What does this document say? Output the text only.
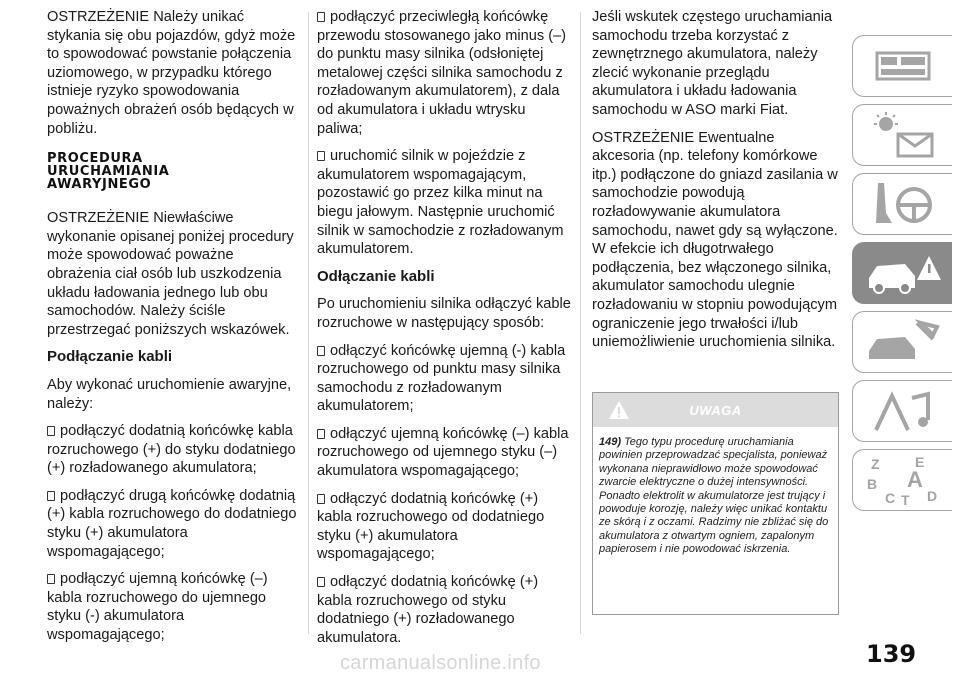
OSTRZEŻENIE Należy unikać stykania się obu pojazdów, gdyż może to spowodować powstanie połączenia uziomowego, w przypadku którego istnieje ryzyko spowodowania poważnych obrażeń osób będących w pobliżu.

PROCEDURA
URUCHAMIANIA
AWARYJNEGO

OSTRZEŻENIE Niewłaściwe wykonanie opisanej poniżej procedury może spowodować poważne obrażenia ciał osób lub uszkodzenia układu ładowania jednego lub obu samochodów. Należy ściśle przestrzegać poniższych wskazówek.

Podłączanie kabli

Aby wykonać uruchomienie awaryjne, należy:

podłączyć dodatnią końcówkę kabla rozruchowego (+) do styku dodatniego (+) rozładowanego akumulatora;

podłączyć drugą końcówkę dodatnią (+) kabla rozruchowego do dodatniego styku (+) akumulatora wspomagającego;

podłączyć ujemną końcówkę (–) kabla rozruchowego do ujemnego styku (-) akumulatora wspomagającego;

podłączyć przeciwległą końcówkę przewodu stosowanego jako minus (–) do punktu masy silnika (odsłoniętej metalowej części silnika samochodu z rozładowanym akumulatorem), z dala od akumulatora i układu wtrysku paliwa;

uruchomić silnik w pojeździe z akumulatorem wspomagającym, pozostawić go przez kilka minut na biegu jałowym. Następnie uruchomić silnik w samochodzie z rozładowanym akumulatorem.

Odłączanie kabli

Po uruchomieniu silnika odłączyć kable rozruchowe w następujący sposób:

odłączyć końcówkę ujemną (-) kabla rozruchowego od punktu masy silnika samochodu z rozładowanym akumulatorem;

odłączyć ujemną końcówkę (–) kabla rozruchowego od ujemnego styku (–) akumulatora wspomagającego;

odłączyć dodatnią końcówkę (+) kabla rozruchowego od dodatniego styku (+) akumulatora wspomagającego;

odłączyć dodatnią końcówkę (+) kabla rozruchowego od styku dodatniego (+) rozładowanego akumulatora.

Jeśli wskutek częstego uruchamiania samochodu trzeba korzystać z zewnętrznego akumulatora, należy zlecić wykonanie przeglądu akumulatora i układu ładowania samochodu w ASO marki Fiat.

OSTRZEŻENIE Ewentualne akcesoria (np. telefony komórkowe itp.) podłączone do gniazd zasilania w samochodzie powodują rozładowywanie akumulatora samochodu, nawet gdy są wyłączone. W efekcie ich długotrwałego podłączenia, bez włączonego silnika, akumulator samochodu ulegnie rozładowaniu w stopniu powodującym ograniczenie jego trwałości i/lub uniemożliwienie uruchomienia silnika.

UWAGA
149) Tego typu procedurę uruchamiania powinien przeprowadzać specjalista, ponieważ wykonana nieprawidłowo może spowodować zwarcie elektryczne o dużej intensywności. Ponadto elektrolit w akumulatorze jest trujący i powoduje korozję, należy więc unikać kontaktu ze skórą i z oczami. Radzimy nie zbliżać się do akumulatora z otwartym ogniem, zapalonym papierosem i nie powodować iskrzenia.
Z	E
B A
C T D
139
carmanualsonline.info
